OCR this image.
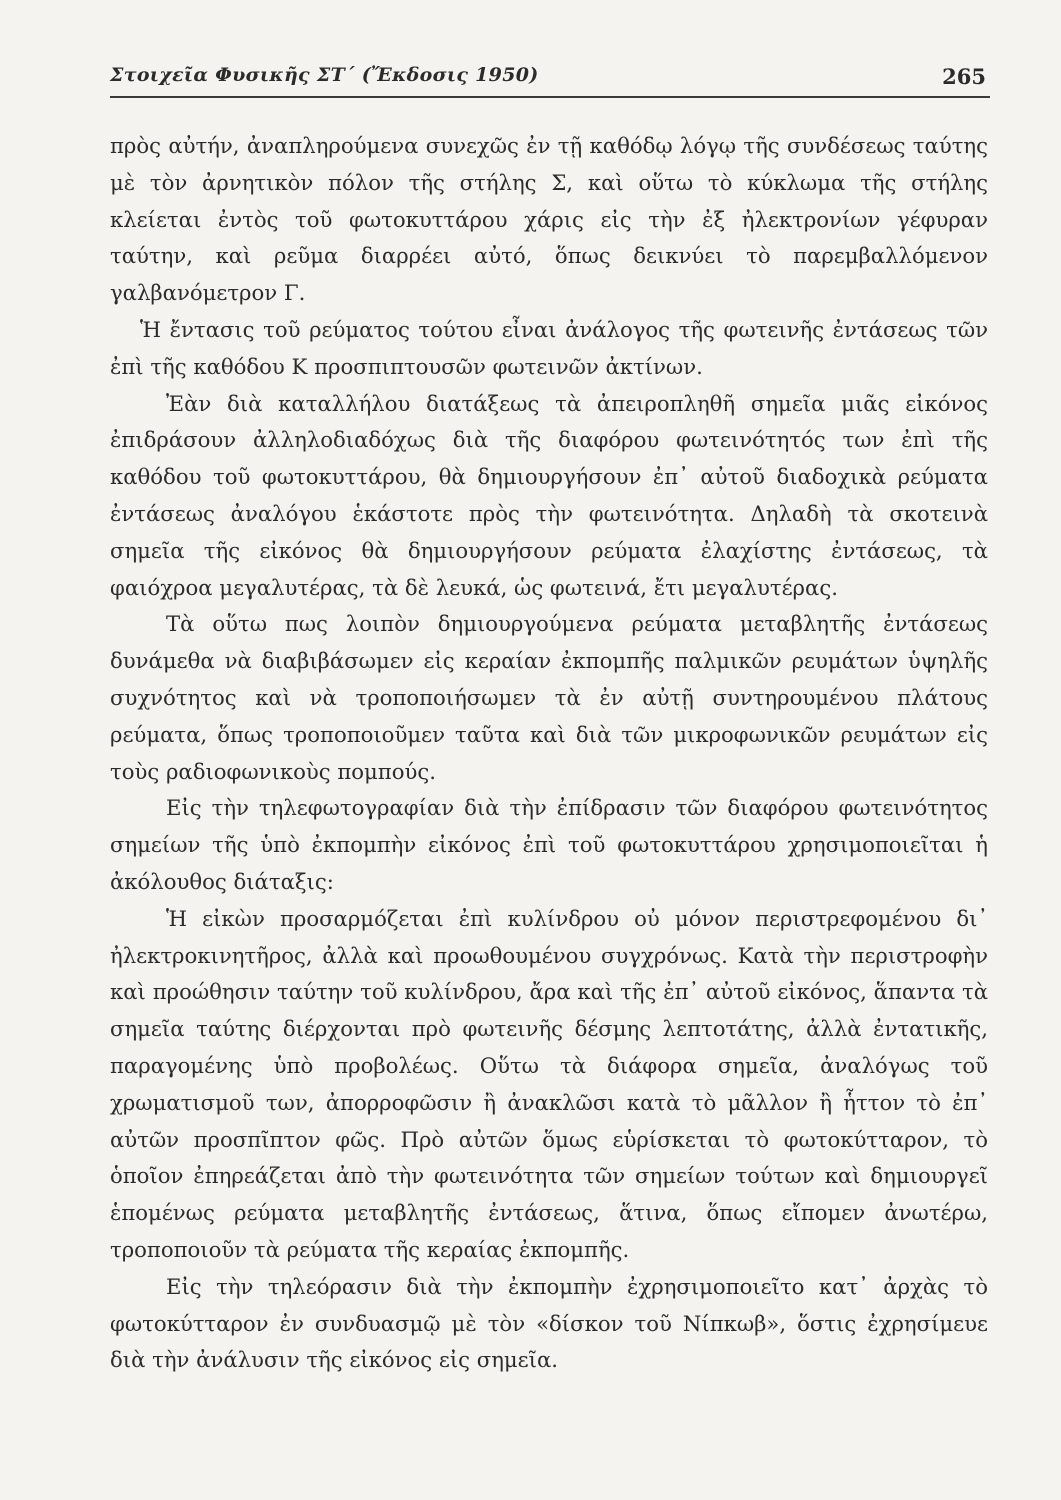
Στοιχεῖα Φυσικῆς ΣΤ΄ (Ἔκδοσις 1950)	265

πρὸς αὐτήν, ἀναπληρούμενα συνεχῶς ἐν τῇ καθόδῳ λόγῳ τῆς συνδέσεως ταύτης μὲ τὸν ἀρνητικὸν πόλον τῆς στήλης Σ, καὶ οὕτω τὸ κύκλωμα τῆς στήλης κλείεται ἐντὸς τοῦ φωτοκυττάρου χάρις εἰς τὴν ἐξ ἠλεκτρονίων γέφυραν ταύτην, καὶ ρεῦμα διαρρέει αὐτό, ὅπως δεικνύει τὸ παρεμβαλλόμενον γαλβανόμετρον Γ.

Ἡ ἔντασις τοῦ ρεύματος τούτου εἶναι ἀνάλογος τῆς φωτεινῆς ἐντάσεως τῶν ἐπὶ τῆς καθόδου Κ προσπιπτουσῶν φωτεινῶν ἀκτίνων.

Ἐὰν διὰ καταλλήλου διατάξεως τὰ ἀπειροπληθῆ σημεῖα μιᾶς εἰκόνος ἐπιδράσουν ἀλληλοδιαδόχως διὰ τῆς διαφόρου φωτεινότητός των ἐπὶ τῆς καθόδου τοῦ φωτοκυττάρου, θὰ δημιουργήσουν ἐπ᾽ αὐτοῦ διαδοχικὰ ρεύματα ἐντάσεως ἀναλόγου ἑκάστοτε πρὸς τὴν φωτεινότητα. Δηλαδὴ τὰ σκοτεινὰ σημεῖα τῆς εἰκόνος θὰ δημιουργήσουν ρεύματα ἐλαχίστης ἐντάσεως, τὰ φαιόχροα μεγαλυτέρας, τὰ δὲ λευκά, ὡς φωτεινά, ἔτι μεγαλυτέρας.

Τὰ οὕτω πως λοιπὸν δημιουργούμενα ρεύματα μεταβλητῆς ἐντάσεως δυνάμεθα νὰ διαβιβάσωμεν εἰς κεραίαν ἐκπομπῆς παλμικῶν ρευμάτων ὑψηλῆς συχνότητος καὶ νὰ τροποποιήσωμεν τὰ ἐν αὐτῇ συντηρουμένου πλάτους ρεύματα, ὅπως τροποποιοῦμεν ταῦτα καὶ διὰ τῶν μικροφωνικῶν ρευμάτων εἰς τοὺς ραδιοφωνικοὺς πομπούς.

Εἰς τὴν τηλεφωτογραφίαν διὰ τὴν ἐπίδρασιν τῶν διαφόρου φωτεινότητος σημείων τῆς ὑπὸ ἐκπομπὴν εἰκόνος ἐπὶ τοῦ φωτοκυττάρου χρησιμοποιεῖται ἡ ἀκόλουθος διάταξις:

Ἡ εἰκὼν προσαρμόζεται ἐπὶ κυλίνδρου οὐ μόνον περιστρεφομένου δι᾽ ἠλεκτροκινητῆρος, ἀλλὰ καὶ προωθουμένου συγχρόνως. Κατὰ τὴν περιστροφὴν καὶ προώθησιν ταύτην τοῦ κυλίνδρου, ἄρα καὶ τῆς ἐπ᾽ αὐτοῦ εἰκόνος, ἅπαντα τὰ σημεῖα ταύτης διέρχονται πρὸ φωτεινῆς δέσμης λεπτοτάτης, ἀλλὰ ἐντατικῆς, παραγομένης ὑπὸ προβολέως. Οὕτω τὰ διάφορα σημεῖα, ἀναλόγως τοῦ χρωματισμοῦ των, ἀπορροφῶσιν ἢ ἀνακλῶσι κατὰ τὸ μᾶλλον ἢ ἧττον τὸ ἐπ᾽ αὐτῶν προσπῖπτον φῶς. Πρὸ αὐτῶν ὅμως εὑρίσκεται τὸ φωτοκύτταρον, τὸ ὁποῖον ἐπηρεάζεται ἀπὸ τὴν φωτεινότητα τῶν σημείων τούτων καὶ δημιουργεῖ ἑπομένως ρεύματα μεταβλητῆς ἐντάσεως, ἅτινα, ὅπως εἴπομεν ἀνωτέρω, τροποποιοῦν τὰ ρεύματα τῆς κεραίας ἐκπομπῆς.

Εἰς τὴν τηλεόρασιν διὰ τὴν ἐκπομπὴν ἐχρησιμοποιεῖτο κατ᾽ ἀρχὰς τὸ φωτοκύτταρον ἐν συνδυασμῷ μὲ τὸν «δίσκον τοῦ Νίπκωβ», ὅστις ἐχρησίμευε διὰ τὴν ἀνάλυσιν τῆς εἰκόνος εἰς σημεῖα.
